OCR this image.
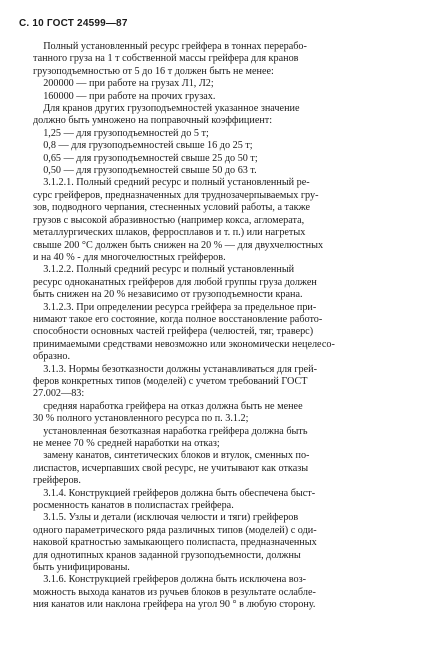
С. 10 ГОСТ 24599—87
Полный установленный ресурс грейфера в тоннах перерабо-
танного груза на 1 т собственной массы грейфера для кранов
грузоподъемностью от 5 до 16 т должен быть не менее:
200000 — при работе на грузах Л1, Л2;
160000 — при работе на прочих грузах.
Для кранов других грузоподъемностей указанное значение
должно быть умножено на поправочный коэффициент:
1,25 — для грузоподъемностей до 5 т;
0,8 — для грузоподъемностей свыше 16 до 25 т;
0,65 — для грузоподъемностей свыше 25 до 50 т;
0,50 — для грузоподъемностей свыше 50 до 63 т.
3.1.2.1. Полный средний ресурс и полный установленный ре-
сурс грейферов, предназначенных для труднозачерпываемых гру-
зов, подводного черпания, стесненных условий работы, а также
грузов с высокой абразивностью (например кокса, агломерата,
металлургических шлаков, ферросплавов и т. п.) или нагретых
свыше 200 °C должен быть снижен на 20 % — для двухчелюстных
и на 40 % - для многочелюстных грейферов.
3.1.2.2. Полный средний ресурс и полный установленный
ресурс одноканатных грейферов для любой группы груза должен
быть снижен на 20 % независимо от грузоподъемности крана.
3.1.2.3. При определении ресурса грейфера за предельное при-
нимают такое его состояние, когда полное восстановление работо-
способности основных частей грейфера (челюстей, тяг, траверс)
принимаемыми средствами невозможно или экономически нецелесо-
образно.
3.1.3. Нормы безотказности должны устанавливаться для грей-
феров конкретных типов (моделей) с учетом требований ГОСТ
27.002—83:
средняя наработка грейфера на отказ должна быть не менее
30 % полного установленного ресурса по п. 3.1.2;
установленная безотказная наработка грейфера должна быть
не менее 70 % средней наработки на отказ;
замену канатов, синтетических блоков и втулок, сменных по-
лиспастов, исчерпавших свой ресурс, не учитывают как отказы
грейферов.
3.1.4. Конструкцией грейферов должна быть обеспечена быст-
росменность канатов в полиспастах грейфера.
3.1.5. Узлы и детали (исключая челюсти и тяги) грейферов
одного параметрического ряда различных типов (моделей) с оди-
наковой кратностью замыкающего полиспаста, предназначенных
для однотипных кранов заданной грузоподъемности, должны
быть унифицированы.
3.1.6. Конструкцией грейферов должна быть исключена воз-
можность выхода канатов из ручьев блоков в результате ослабле-
ния канатов или наклона грейфера на угол 90 ° в любую сторону.
